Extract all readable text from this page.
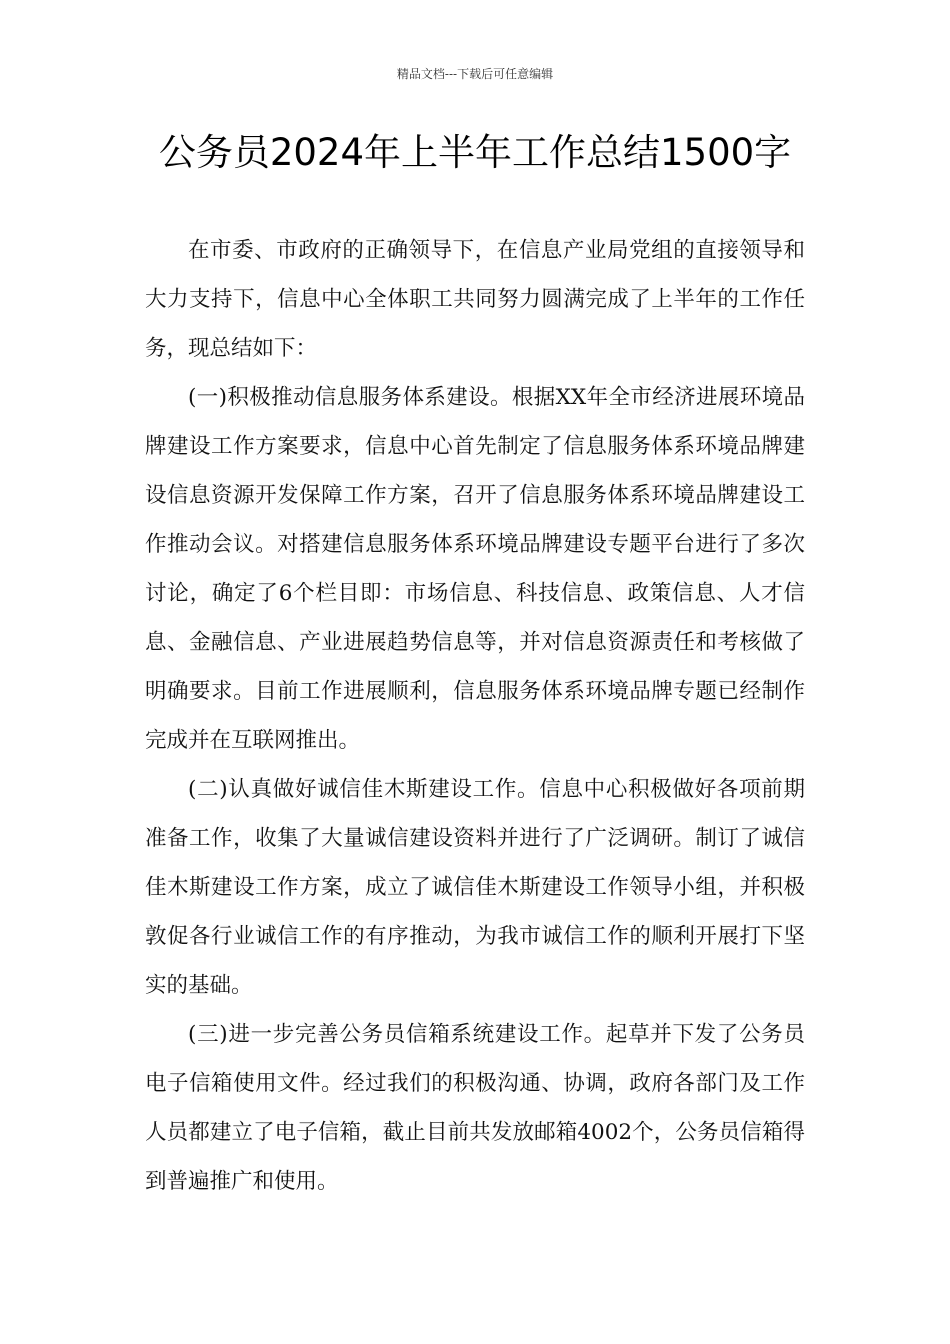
精品文档---下载后可任意编辑
公务员2024年上半年工作总结1500字

在市委、市政府的正确领导下，在信息产业局党组的直接领导和大力支持下，信息中心全体职工共同努力圆满完成了上半年的工作任务，现总结如下：

(一)积极推动信息服务体系建设。根据XX年全市经济进展环境品牌建设工作方案要求，信息中心首先制定了信息服务体系环境品牌建设信息资源开发保障工作方案，召开了信息服务体系环境品牌建设工作推动会议。对搭建信息服务体系环境品牌建设专题平台进行了多次讨论，确定了6个栏目即：市场信息、科技信息、政策信息、人才信息、金融信息、产业进展趋势信息等，并对信息资源责任和考核做了明确要求。目前工作进展顺利，信息服务体系环境品牌专题已经制作完成并在互联网推出。

(二)认真做好诚信佳木斯建设工作。信息中心积极做好各项前期准备工作，收集了大量诚信建设资料并进行了广泛调研。制订了诚信佳木斯建设工作方案，成立了诚信佳木斯建设工作领导小组，并积极敦促各行业诚信工作的有序推动，为我市诚信工作的顺利开展打下坚实的基础。

(三)进一步完善公务员信箱系统建设工作。起草并下发了公务员电子信箱使用文件。经过我们的积极沟通、协调，政府各部门及工作人员都建立了电子信箱，截止目前共发放邮箱4002个，公务员信箱得到普遍推广和使用。
